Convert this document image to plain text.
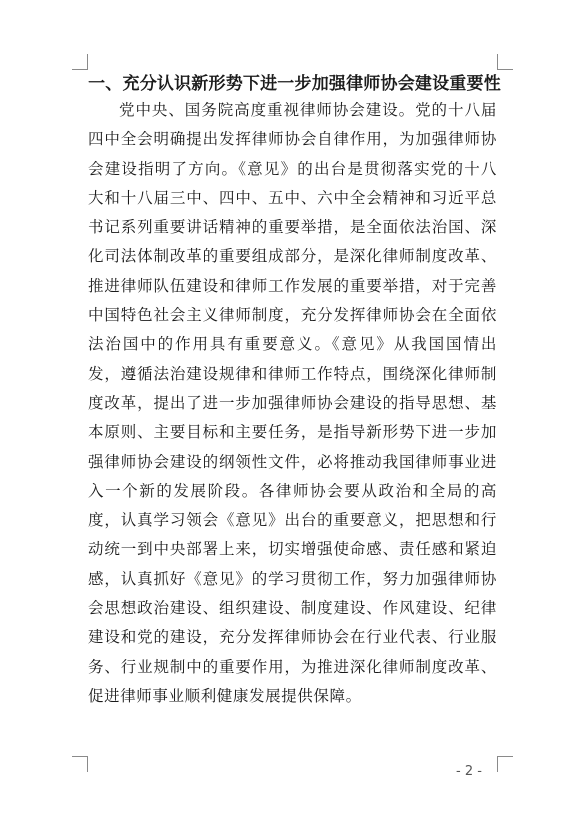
一、充分认识新形势下进一步加强律师协会建设重要性

党中央、国务院高度重视律师协会建设。党的十八届四中全会明确提出发挥律师协会自律作用，为加强律师协会建设指明了方向。《意见》的出台是贯彻落实党的十八大和十八届三中、四中、五中、六中全会精神和习近平总书记系列重要讲话精神的重要举措，是全面依法治国、深化司法体制改革的重要组成部分，是深化律师制度改革、推进律师队伍建设和律师工作发展的重要举措，对于完善中国特色社会主义律师制度，充分发挥律师协会在全面依法治国中的作用具有重要意义。《意见》从我国国情出发，遵循法治建设规律和律师工作特点，围绕深化律师制度改革，提出了进一步加强律师协会建设的指导思想、基本原则、主要目标和主要任务，是指导新形势下进一步加强律师协会建设的纲领性文件，必将推动我国律师事业进入一个新的发展阶段。各律师协会要从政治和全局的高度，认真学习领会《意见》出台的重要意义，把思想和行动统一到中央部署上来，切实增强使命感、责任感和紧迫感，认真抓好《意见》的学习贯彻工作，努力加强律师协会思想政治建设、组织建设、制度建设、作风建设、纪律建设和党的建设，充分发挥律师协会在行业代表、行业服务、行业规制中的重要作用，为推进深化律师制度改革、促进律师事业顺利健康发展提供保障。

- 2 -
